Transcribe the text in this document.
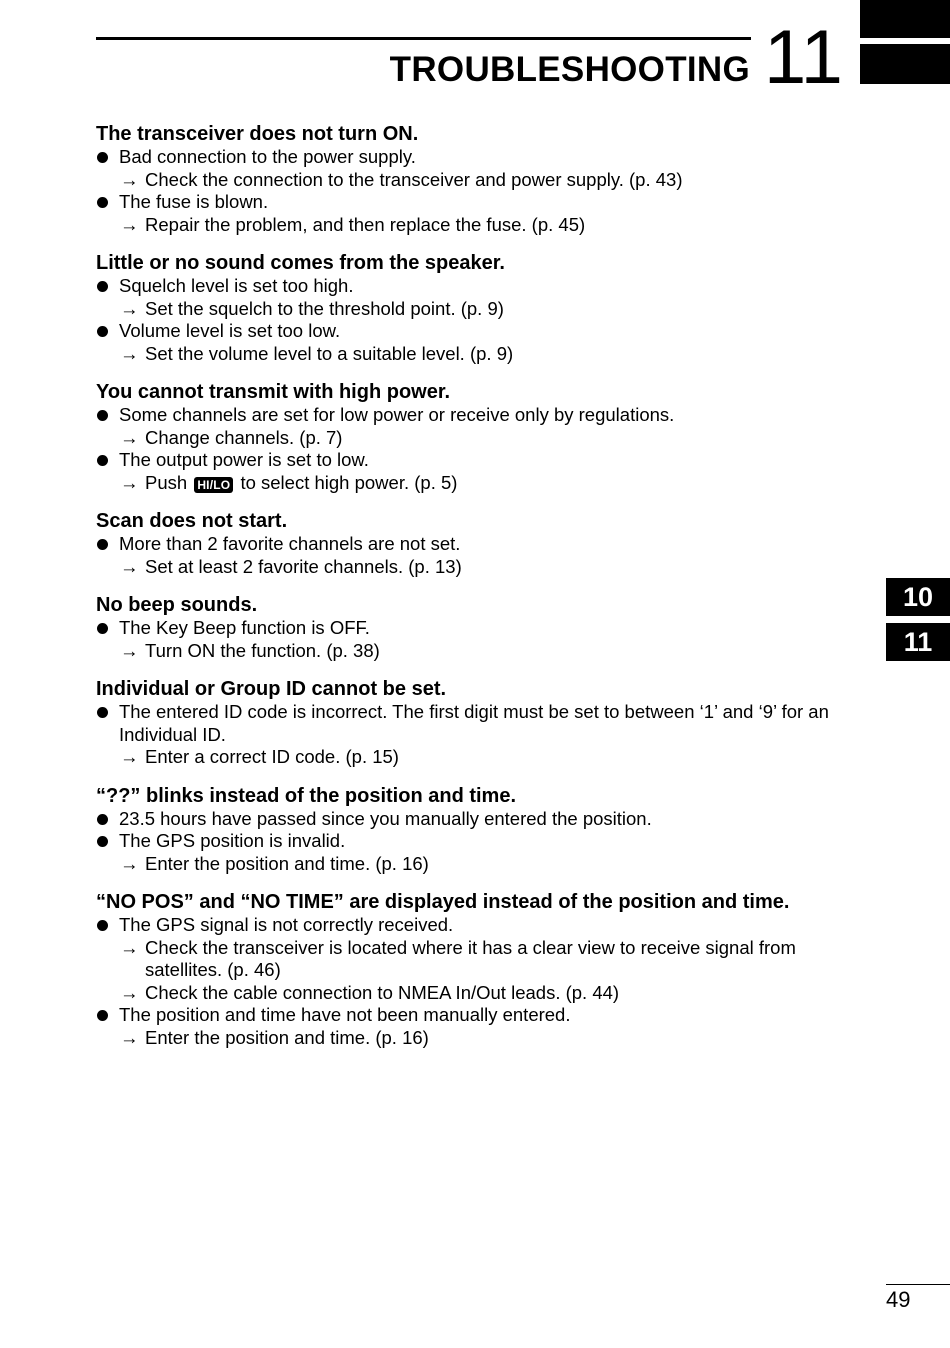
TROUBLESHOOTING 11
The transceiver does not turn ON.
Bad connection to the power supply.
→ Check the connection to the transceiver and power supply. (p. 43)
The fuse is blown.
→ Repair the problem, and then replace the fuse. (p. 45)
Little or no sound comes from the speaker.
Squelch level is set too high.
→ Set the squelch to the threshold point. (p. 9)
Volume level is set too low.
→ Set the volume level to a suitable level. (p. 9)
You cannot transmit with high power.
Some channels are set for low power or receive only by regulations.
→ Change channels. (p. 7)
The output power is set to low.
→ Push HI/LO to select high power. (p. 5)
Scan does not start.
More than 2 favorite channels are not set.
→ Set at least 2 favorite channels. (p. 13)
No beep sounds.
The Key Beep function is OFF.
→ Turn ON the function. (p. 38)
Individual or Group ID cannot be set.
The entered ID code is incorrect. The first digit must be set to between ‘1’ and ‘9’ for an Individual ID.
→ Enter a correct ID code. (p. 15)
“??” blinks instead of the position and time.
23.5 hours have passed since you manually entered the position.
The GPS position is invalid.
→ Enter the position and time. (p. 16)
“NO POS” and “NO TIME” are displayed instead of the position and time.
The GPS signal is not correctly received.
→ Check the transceiver is located where it has a clear view to receive signal from satellites. (p. 46)
→ Check the cable connection to NMEA In/Out leads. (p. 44)
The position and time have not been manually entered.
→ Enter the position and time. (p. 16)
10
11
49
